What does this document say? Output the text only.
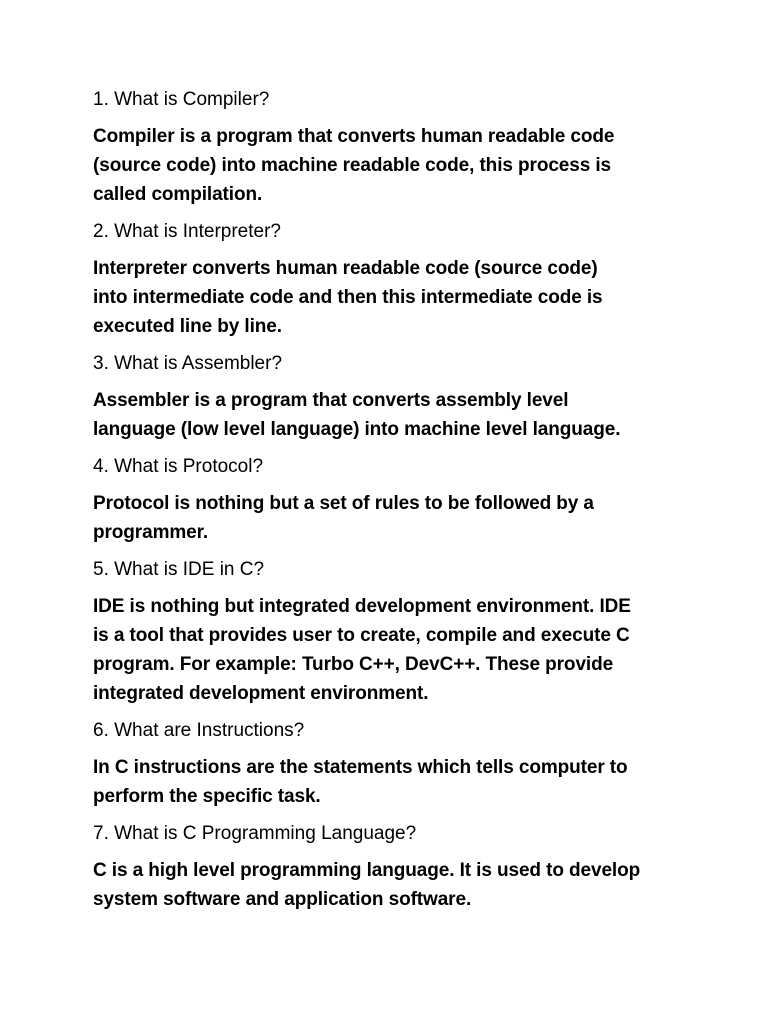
1. What is Compiler?

Compiler is a program that converts human readable code
(source code) into machine readable code, this process is
called compilation.

2. What is Interpreter?

Interpreter converts human readable code (source code)
into intermediate code and then this intermediate code is
executed line by line.

3. What is Assembler?

Assembler is a program that converts assembly level
language (low level language) into machine level language.

4. What is Protocol?

Protocol is nothing but a set of rules to be followed by a
programmer.

5. What is IDE in C?

IDE is nothing but integrated development environment. IDE
is a tool that provides user to create, compile and execute C
program. For example: Turbo C++, DevC++. These provide
integrated development environment.

6. What are Instructions?

In C instructions are the statements which tells computer to
perform the specific task.

7. What is C Programming Language?

C is a high level programming language. It is used to develop
system software and application software.
